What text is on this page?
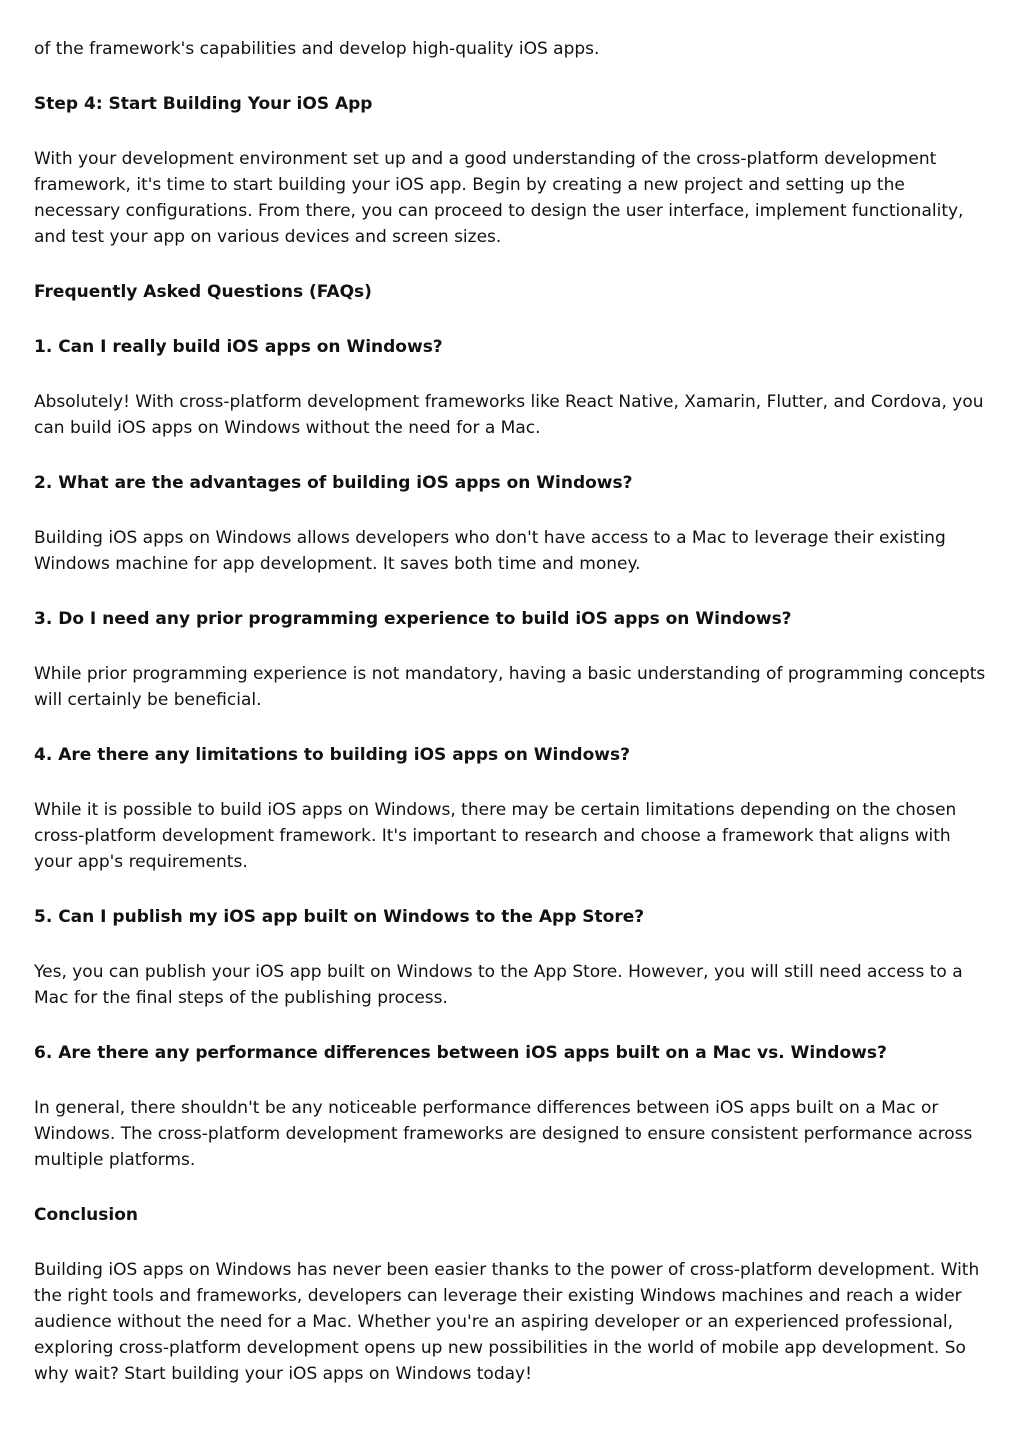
of the framework's capabilities and develop high-quality iOS apps.

Step 4: Start Building Your iOS App

With your development environment set up and a good understanding of the cross-platform development framework, it's time to start building your iOS app. Begin by creating a new project and setting up the necessary configurations. From there, you can proceed to design the user interface, implement functionality, and test your app on various devices and screen sizes.

Frequently Asked Questions (FAQs)

1. Can I really build iOS apps on Windows?

Absolutely! With cross-platform development frameworks like React Native, Xamarin, Flutter, and Cordova, you can build iOS apps on Windows without the need for a Mac.

2. What are the advantages of building iOS apps on Windows?

Building iOS apps on Windows allows developers who don't have access to a Mac to leverage their existing Windows machine for app development. It saves both time and money.

3. Do I need any prior programming experience to build iOS apps on Windows?

While prior programming experience is not mandatory, having a basic understanding of programming concepts will certainly be beneficial.

4. Are there any limitations to building iOS apps on Windows?

While it is possible to build iOS apps on Windows, there may be certain limitations depending on the chosen cross-platform development framework. It's important to research and choose a framework that aligns with your app's requirements.

5. Can I publish my iOS app built on Windows to the App Store?

Yes, you can publish your iOS app built on Windows to the App Store. However, you will still need access to a Mac for the final steps of the publishing process.

6. Are there any performance differences between iOS apps built on a Mac vs. Windows?

In general, there shouldn't be any noticeable performance differences between iOS apps built on a Mac or Windows. The cross-platform development frameworks are designed to ensure consistent performance across multiple platforms.

Conclusion

Building iOS apps on Windows has never been easier thanks to the power of cross-platform development. With the right tools and frameworks, developers can leverage their existing Windows machines and reach a wider audience without the need for a Mac. Whether you're an aspiring developer or an experienced professional, exploring cross-platform development opens up new possibilities in the world of mobile app development. So why wait? Start building your iOS apps on Windows today!
